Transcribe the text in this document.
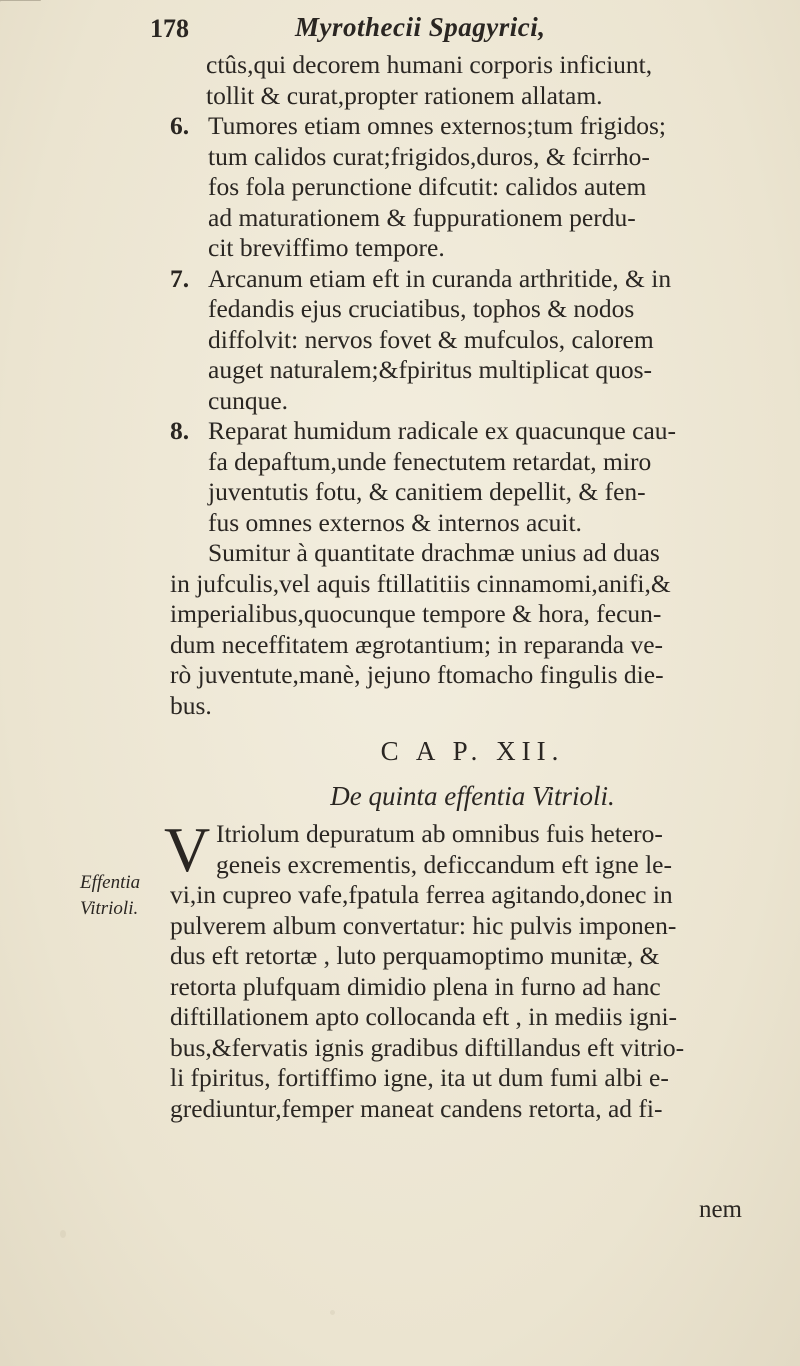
178	Myrothecii Spagyrici,
ctûs,qui decorem humani corporis inficiunt,
tollit & curat,propter rationem allatam.
6. Tumores etiam omnes externos;tum frigidos;
tum calidos curat;frigidos,duros, & fcirrho-
fos fola perunctione difcutit: calidos autem
ad maturationem & fuppurationem perdu-
cit breviffimo tempore.
7. Arcanum etiam eft in curanda arthritide, & in
fedandis ejus cruciatibus, tophos & nodos
diffolvit: nervos fovet & mufculos, calorem
auget naturalem;&fpiritus multiplicat quos-
cunque.
8. Reparat humidum radicale ex quacunque cau-
fa depaftum,unde fenectutem retardat, miro
juventutis fotu, & canitiem depellit, & fen-
fus omnes externos & internos acuit.
Sumitur à quantitate drachmæ unius ad duas
in jufculis,vel aquis ftillatitiis cinnamomi,anifi,&
imperialibus,quocunque tempore & hora, fecun-
dum neceffitatem ægrotantium; in reparanda ve-
rò juventute,manè, jejuno ftomacho fingulis die-
bus.
C A P. XII.
De quinta effentia Vitrioli.
V Itriolum depuratum ab omnibus fuis hetero-
geneis excrementis, deficcandum eft igne le-
vi,in cupreo vafe,fpatula ferrea agitando,donec in
pulverem album convertatur: hic pulvis imponen-
dus eft retortæ , luto perquamoptimo munitæ, &
retorta plufquam dimidio plena in furno ad hanc
diftillationem apto collocanda eft , in mediis igni-
bus,&fervatis ignis gradibus diftillandus eft vitrio-
li fpiritus, fortiffimo igne, ita ut dum fumi albi e-
grediuntur,femper maneat candens retorta, ad fi-
Effentia
Vitrioli.
nem
